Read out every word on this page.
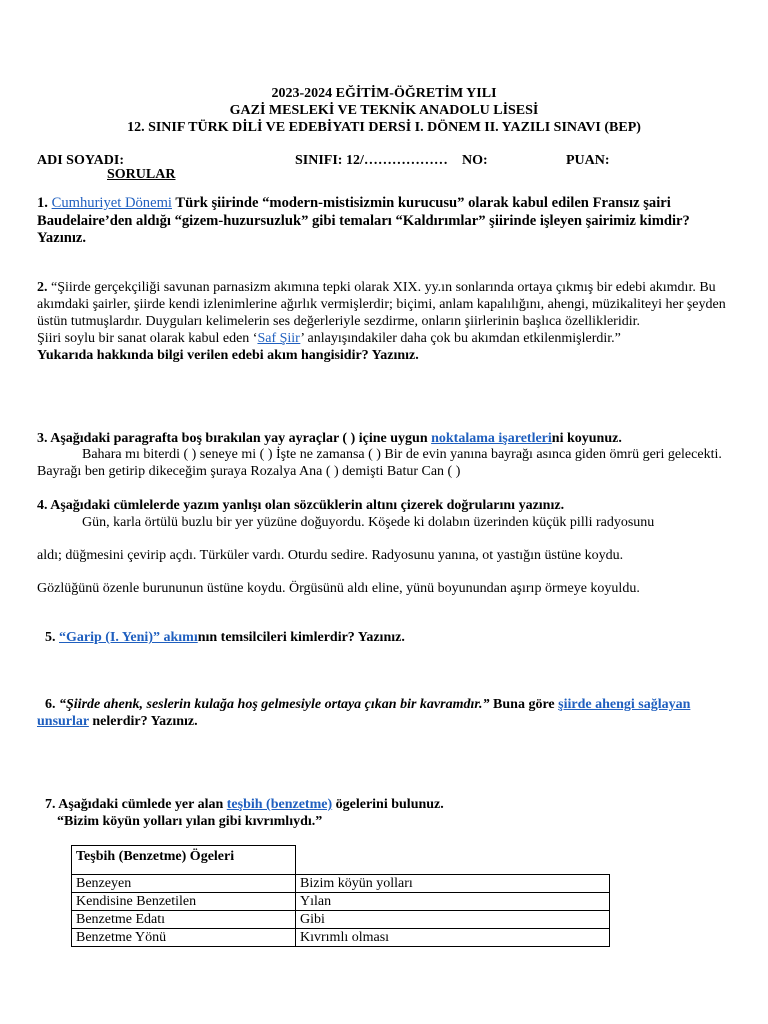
2023-2024 EĞİTİM-ÖĞRETİM YILI
GAZİ MESLEKİ VE TEKNİK ANADOLU LİSESİ
12. SINIF TÜRK DİLİ VE EDEBİYATI DERSİ I. DÖNEM II. YAZILI SINAVI (BEP)
ADI SOYADI:	SINIFI: 12/……………… NO:	PUAN:
SORULAR
1. Cumhuriyet Dönemi Türk şiirinde “modern-mistisizmin kurucusu” olarak kabul edilen Fransız şairi Baudelaire’den aldığı “gizem-huzursuzluk” gibi temaları “Kaldırımlar” şiirinde işleyen şairimiz kimdir? Yazınız.
2. “Şiirde gerçekçiliği savunan parnasizm akımına tepki olarak XIX. yy.ın sonlarında ortaya çıkmış bir edebi akımdır. Bu akımdaki şairler, şiirde kendi izlenimlerine ağırlık vermişlerdir; biçimi, anlam kapalılığını, ahengi, müzikaliteyi her şeyden üstün tutmuşlardır. Duyguları kelimelerin ses değerleriyle sezdirme, onların şiirlerinin başlıca özellikleridir.
Şiiri soylu bir sanat olarak kabul eden ‘Saf Şiir’ anlayışındakiler daha çok bu akımdan etkilenmişlerdir.”
Yukarıda hakkında bilgi verilen edebi akım hangisidir? Yazınız.
3. Aşağıdaki paragrafta boş bırakılan yay ayraçlar ( ) içine uygun noktalama işaretlerini koyunuz.
Bahara mı biterdi ( ) seneye mi ( ) İşte ne zamansa ( ) Bir de evin yanına bayrağı asınca giden ömrü geri gelecekti. Bayrağı ben getirip dikeceğim şuraya Rozalya Ana ( ) demişti Batur Can ( )
4. Aşağıdaki cümlelerde yazım yanlışı olan sözcüklerin altını çizerek doğrularını yazınız.
Gün, karla örtülü buzlu bir yer yüzüne doğuyordu. Köşede ki dolabın üzerinden küçük pilli radyosunu
aldı; düğmesini çevirip açdı. Türküler vardı. Oturdu sedire. Radyosunu yanına, ot yastığın üstüne koydu.
Gözlüğünü özenle burununun üstüne koydu. Örgüsünü aldı eline, yünü boyunundan aşırıp örmeye koyuldu.
5. “Garip (I. Yeni)” akımının temsilcileri kimlerdir? Yazınız.
6. “Şiirde ahenk, seslerin kulağa hoş gelmesiyle ortaya çıkan bir kavramdır.” Buna göre şiirde ahengi sağlayan unsurlar nelerdir? Yazınız.
7. Aşağıdaki cümlede yer alan teşbih (benzetme) ögelerini bulunuz.
“Bizim köyün yolları yılan gibi kıvrımlıydı.”
Teşbih (Benzetme) Ögeleri	
Benzeyen	Bizim köyün yolları
Kendisine Benzetilen	Yılan
Benzetme Edatı	Gibi
Benzetme Yönü	Kıvrımlı olması
